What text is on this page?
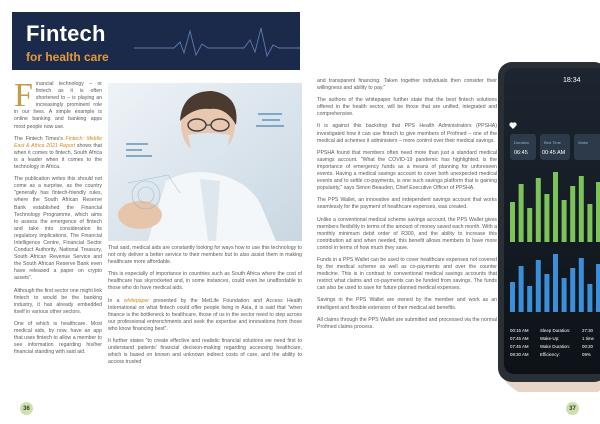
Fintech
for health care

Financial technology – or fintech as it is often shortened to – is playing an increasingly prominent role in our lives. A simple example is online banking and banking apps most people now use.

The Fintech Times's Fintech: Middle East & Africa 2021 Report shows that when it comes to fintech, South Africa is a leader when it comes to the technology in Africa.

The publication writes this should not come as a surprise, as the country "generally has fintech-friendly rules, where the South African Reserve Bank established the Financial Technology Programme, which aims to assess the emergence of fintech and take into consideration its regulatory implications. The Financial Intelligence Centre, Financial Sector Conduct Authority, National Treasury, South African Revenue Service and the South African Reserve Bank even have released a paper on crypto assets".

Although the first sector one might link fintech to would be the banking industry, it has already embedded itself in various other sectors.

One of which is healthcare. Most medical aids, by now, have an app that uses fintech to allow a member to see information regarding his/her financial standing with said aid.

That said, medical aids are constantly looking for ways how to use this technology to not only deliver a better service to their members but to also assist them in making healthcare more affordable.

This is especially of importance in countries such as South Africa where the cost of healthcare has skyrocketed and, in some instances, could even be unaffordable to those who do have medical aids.

In a whitepaper presented by the MetLife Foundation and Access Health International on what fintech could offer people living in Asia, it is said that "when finance is the bottleneck to healthcare, those of us in the sector need to step across our professional entrenchments and seek the expertise and innovations from those who know financing best".

It further states "to create effective and realistic financial solutions we need first to understand patients' financial decision-making regarding accessing healthcare, which is based on known and unknown indirect costs of care, and the ability to access trusted

and transparent financing. Taken together individuals then consider their willingness and ability to pay."

The authors of the whitepaper further state that the best fintech solutions offered in the health sector, will be those that are unified, integrated and comprehensive.

It is against this backdrop that PPS Health Administrators (PPSHA) investigated how it can use fintech to give members of Profmed – one of the medical aid schemes it administers – more control over their medical savings.

PPSHA found that members often need more than just a standard medical savings account. "What the COVID-19 pandemic has highlighted, is the importance of emergency funds as a means of planning for unforeseen events. Having a medical savings account to cover both unexpected medical events and to settle co-payments, is one such savings platform that is gaining popularity," says Simon Beauden, Chief Executive Officer of PPSHA.

The PPS Wallet, an innovative and independent savings account that works seamlessly for the payment of healthcare expenses, was created.

Unlike a conventional medical scheme savings account, the PPS Wallet gives members flexibility in terms of the amount of money saved each month. With a monthly minimum debit order of R300, and the ability to increase this contribution ad and when needed, this benefit allows members to have more control in terms of how much they save.

Funds in a PPS Wallet can be used to cover healthcare expenses not covered by the medical scheme as well as co-payments and over the counter medicine. This is in contrast to conventional medical savings accounts that restrict what claims and co-payments can be funded from savings. The funds can also be used to save for future planned medical expenses.

Savings in the PPS Wallet are owned by the member and work as an intelligent and flexible extension of their medical aid benefits.

All claims through the PPS Wallet are submitted and processed via the normal Profmed claims process.

18:34
Duration
06:45
Bed Time
00:45 AM
Wake
00:15 AM
07:45 AM
07:45 AM
08:30 AM
Sleep Duration:
Wake-Up:
Wake Duration:
Efficiency:
27:30
1 time
00:20
09%
36	37
